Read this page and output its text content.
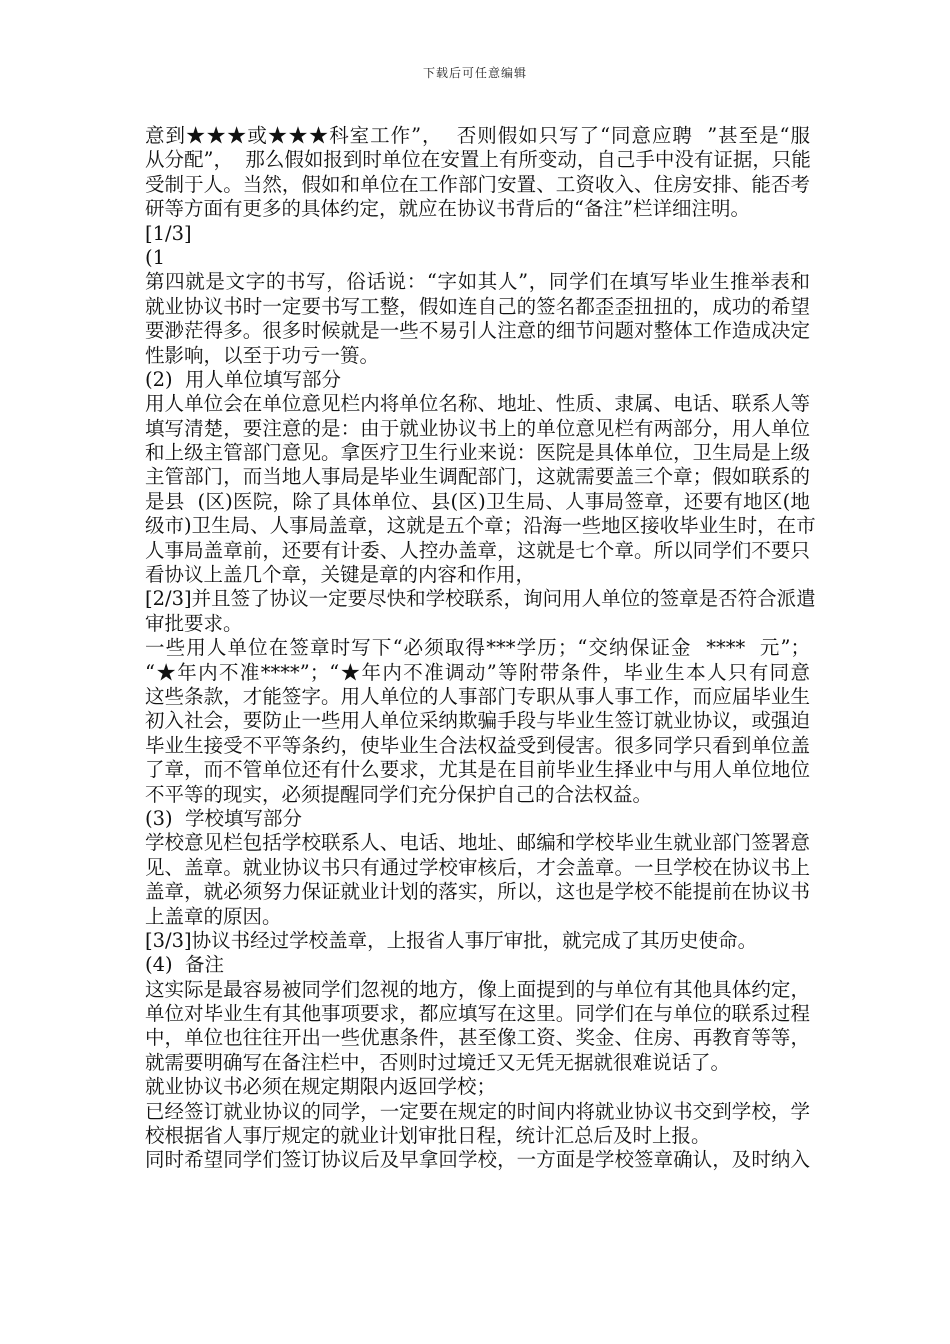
下载后可任意编辑
意到★★★或★★★科室工作”，  否则假如只写了“同意应聘  ”甚至是“服
从分配”，  那么假如报到时单位在安置上有所变动，自己手中没有证据，只能
受制于人。当然，假如和单位在工作部门安置、工资收入、住房安排、能否考
研等方面有更多的具体约定，就应在协议书背后的“备注”栏详细注明。
[1/3]
(1
第四就是文字的书写，俗话说：“字如其人”，同学们在填写毕业生推举表和
就业协议书时一定要书写工整，假如连自己的签名都歪歪扭扭的，成功的希望
要渺茫得多。很多时候就是一些不易引人注意的细节问题对整体工作造成决定
性影响，以至于功亏一篑。
(2)  用人单位填写部分
用人单位会在单位意见栏内将单位名称、地址、性质、隶属、电话、联系人等
填写清楚，要注意的是：由于就业协议书上的单位意见栏有两部分，用人单位
和上级主管部门意见。拿医疗卫生行业来说：医院是具体单位，卫生局是上级
主管部门，而当地人事局是毕业生调配部门，这就需要盖三个章；假如联系的
是县  (区)医院，除了具体单位、县(区)卫生局、人事局签章，还要有地区(地
级市)卫生局、人事局盖章，这就是五个章；沿海一些地区接收毕业生时，在市
人事局盖章前，还要有计委、人控办盖章，这就是七个章。所以同学们不要只
看协议上盖几个章，关键是章的内容和作用，
[2/3]并且签了协议一定要尽快和学校联系，询问用人单位的签章是否符合派遣
审批要求。
一些用人单位在签章时写下“必须取得***学历；“交纳保证金  ****  元”；
“★年内不准****”；“★年内不准调动”等附带条件，毕业生本人只有同意
这些条款，才能签字。用人单位的人事部门专职从事人事工作，而应届毕业生
初入社会，要防止一些用人单位采纳欺骗手段与毕业生签订就业协议，或强迫
毕业生接受不平等条约，使毕业生合法权益受到侵害。很多同学只看到单位盖
了章，而不管单位还有什么要求，尤其是在目前毕业生择业中与用人单位地位
不平等的现实，必须提醒同学们充分保护自己的合法权益。
(3)  学校填写部分
学校意见栏包括学校联系人、电话、地址、邮编和学校毕业生就业部门签署意
见、盖章。就业协议书只有通过学校审核后，才会盖章。一旦学校在协议书上
盖章，就必须努力保证就业计划的落实，所以，这也是学校不能提前在协议书
上盖章的原因。
[3/3]协议书经过学校盖章，上报省人事厅审批，就完成了其历史使命。
(4)  备注
这实际是最容易被同学们忽视的地方，像上面提到的与单位有其他具体约定，
单位对毕业生有其他事项要求，都应填写在这里。同学们在与单位的联系过程
中，单位也往往开出一些优惠条件，甚至像工资、奖金、住房、再教育等等，
就需要明确写在备注栏中，否则时过境迁又无凭无据就很难说话了。
就业协议书必须在规定期限内返回学校；
已经签订就业协议的同学，一定要在规定的时间内将就业协议书交到学校，学
校根据省人事厅规定的就业计划审批日程，统计汇总后及时上报。
同时希望同学们签订协议后及早拿回学校，一方面是学校签章确认，及时纳入
